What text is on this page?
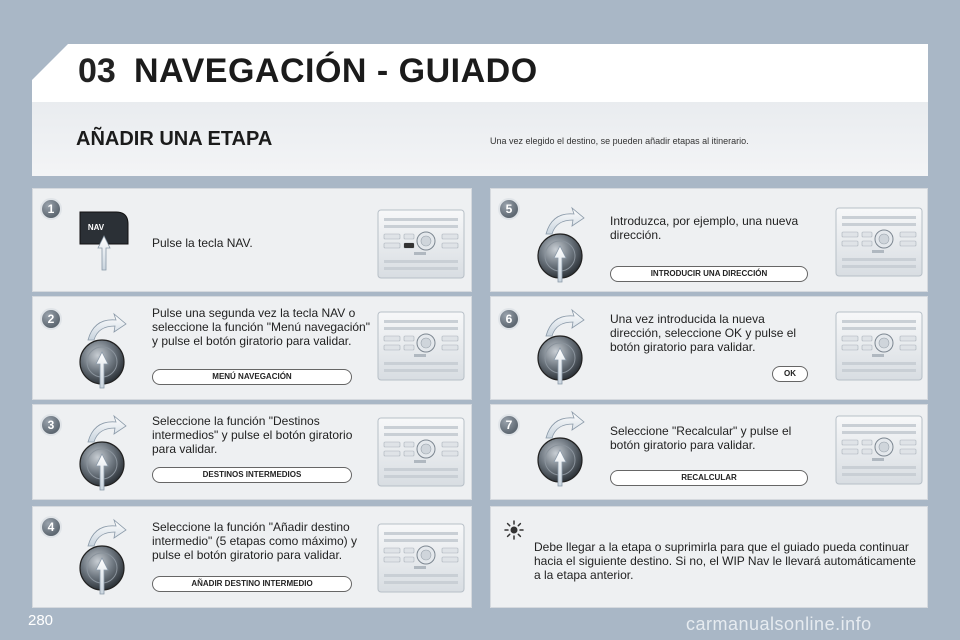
03 NAVEGACIÓN - GUIADO
AÑADIR UNA ETAPA	Una vez elegido el destino, se pueden añadir etapas al itinerario.
1
NAV
Pulse la tecla NAV.
2	Pulse una segunda vez la tecla NAV o seleccione la función "Menú navegación" y pulse el botón giratorio para validar.
MENÚ NAVEGACIÓN
3	Seleccione la función "Destinos intermedios" y pulse el botón giratorio para validar.
DESTINOS INTERMEDIOS
4	Seleccione la función "Añadir destino intermedio" (5 etapas como máximo) y pulse el botón giratorio para validar.
AÑADIR DESTINO INTERMEDIO
5
Introduzca, por ejemplo, una nueva dirección.
INTRODUCIR UNA DIRECCIÓN
6	Una vez introducida la nueva dirección, seleccione OK y pulse el botón giratorio para validar.
OK
7	Seleccione "Recalcular" y pulse el botón giratorio para validar.
RECALCULAR
Debe llegar a la etapa o suprimirla para que el guiado pueda continuar hacia el siguiente destino. Si no, el WIP Nav le llevará automáticamente a la etapa anterior.
280	carmanualsonline.info
